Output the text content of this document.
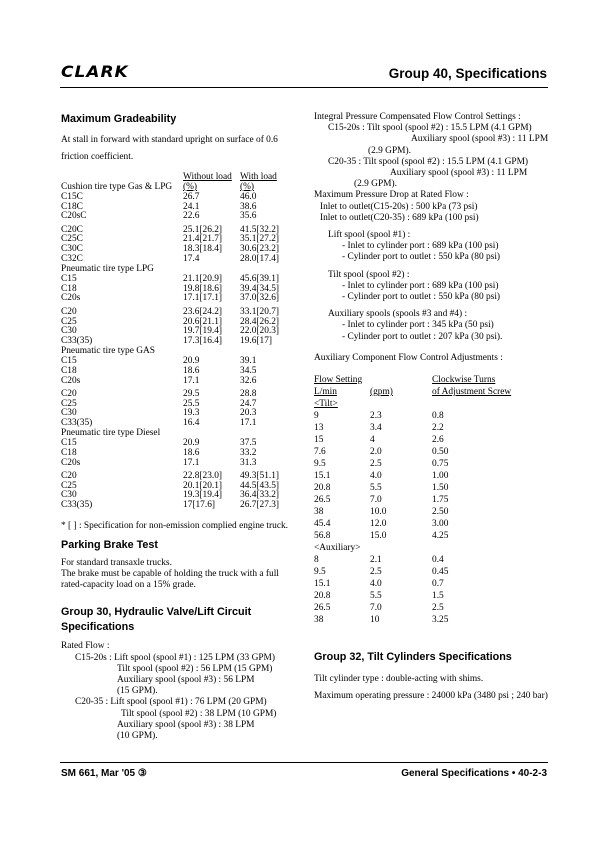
CLARK	Group 40, Specifications

Maximum Gradeability

At stall in forward with standard upright on surface of 0.6 friction coefficient.

	Without load	With load
Cushion tire type Gas & LPG	(%)	(%)
C15C	26.7	46.0
C18C	24.1	38.6
C20sC	22.6	35.6

C20C	25.1[26.2]	41.5[32.2]
C25C	21.4[21.7]	35.1[27.2]
C30C	18.3[18.4]	30.6[23.2]
C32C	17.4	28.0[17.4]
Pneumatic tire type LPG		
C15	21.1[20.9]	45.6[39.1]
C18	19.8[18.6]	39.4[34.5]
C20s	17.1[17.1]	37.0[32.6]

C20	23.6[24.2]	33.1[20.7]
C25	20.6[21.1]	28.4[26.2]
C30	19.7[19.4]	22.0[20.3]
C33(35)	17.3[16.4]	19.6[17]
Pneumatic tire type GAS		
C15	20.9	39.1
C18	18.6	34.5
C20s	17.1	32.6

C20	29.5	28.8
C25	25.5	24.7
C30	19.3	20.3
C33(35)	16.4	17.1
Pneumatic tire type Diesel		
C15	20.9	37.5
C18	18.6	33.2
C20s	17.1	31.3

C20	22.8[23.0]	49.3[51.1]
C25	20.1[20.1]	44.5[43.5]
C30	19.3[19.4]	36.4[33.2]
C33(35)	17[17.6]	26.7[27.3]

* [ ] : Specification for non-emission complied engine truck.

Parking Brake Test

For standard transaxle trucks.

The brake must be capable of holding the truck with a full rated-capacity load on a 15% grade.

Group 30, Hydraulic Valve/Lift Circuit

Specifications

Rated Flow :

C15-20s : Lift spool (spool #1) : 125 LPM (33 GPM)

Tilt spool (spool #2) : 56 LPM (15 GPM)

Auxiliary spool (spool #3) : 56 LPM

(15 GPM).

C20-35 : Lift spool (spool #1) : 76 LPM (20 GPM)

Tilt spool (spool #2) : 38 LPM (10 GPM)

Auxiliary spool (spool #3) : 38 LPM

(10 GPM).

Integral Pressure Compensated Flow Control Settings :

C15-20s : Tilt spool (spool #2) : 15.5 LPM (4.1 GPM)

Auxiliary spool (spool #3) : 11 LPM

(2.9 GPM).

C20-35 : Tilt spool (spool #2) : 15.5 LPM (4.1 GPM)

Auxiliary spool (spool #3) : 11 LPM

(2.9 GPM).

Maximum Pressure Drop at Rated Flow :

Inlet to outlet(C15-20s) : 500 kPa (73 psi)

Inlet to outlet(C20-35) : 689 kPa (100 psi)

Lift spool (spool #1) :

- Inlet to cylinder port : 689 kPa (100 psi)

- Cylinder port to outlet : 550 kPa (80 psi)

Tilt spool (spool #2) :

- Inlet to cylinder port : 689 kPa (100 psi)

- Cylinder port to outlet : 550 kPa (80 psi)

Auxiliary spools (spools #3 and #4) :

- Inlet to cylinder port : 345 kPa (50 psi)

- Cylinder port to outlet : 207 kPa (30 psi).

Auxiliary Component Flow Control Adjustments :

Flow Setting		Clockwise Turns
L/min	(gpm)	of Adjustment Screw
<Tilt>		
9	2.3	0.8
13	3.4	2.2
15	4	2.6
7.6	2.0	0.50
9.5	2.5	0.75
15.1	4.0	1.00
20.8	5.5	1.50
26.5	7.0	1.75
38	10.0	2.50
45.4	12.0	3.00
56.8	15.0	4.25
<Auxiliary>		
8	2.1	0.4
9.5	2.5	0.45
15.1	4.0	0.7
20.8	5.5	1.5
26.5	7.0	2.5
38	10	3.25

Group 32, Tilt Cylinders Specifications

Tilt cylinder type : double-acting with shims.

Maximum operating pressure : 24000 kPa (3480 psi ; 240 bar)

SM 661, Mar '05 ③	General Specifications • 40-2-3
